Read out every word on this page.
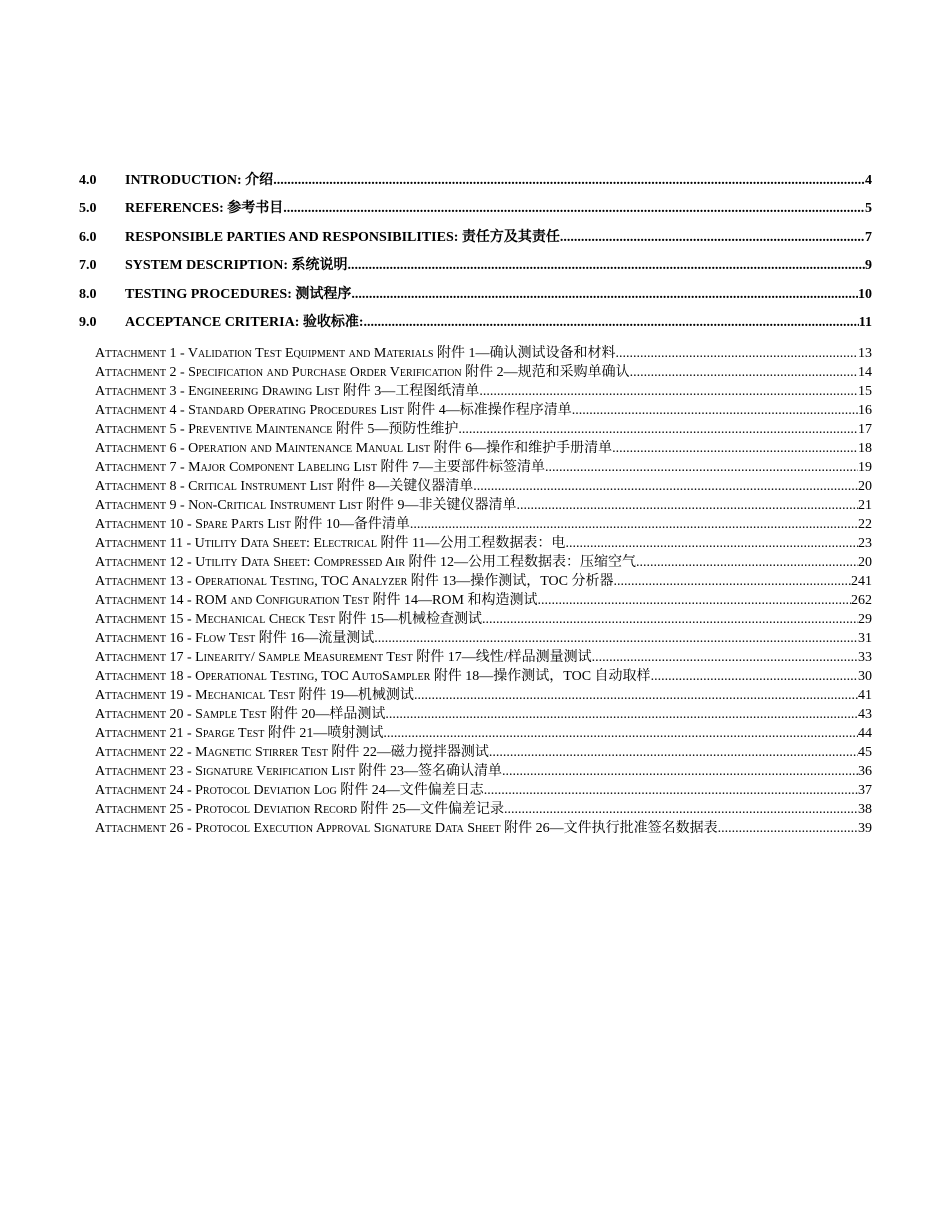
4.0	INTRODUCTION: 介绍 .....	4
5.0	REFERENCES: 参考书目 .....	5
6.0	RESPONSIBLE PARTIES AND RESPONSIBILITIES: 责任方及其责任 .....	7
7.0	SYSTEM DESCRIPTION: 系统说明 .....	9
8.0	TESTING PROCEDURES: 测试程序 .....	10
9.0	ACCEPTANCE CRITERIA: 验收标准: .....	11
Attachment 1 - Validation Test Equipment and Materials 附件 1—确认测试设备和材料 .....	13
Attachment 2 - Specification and Purchase Order Verification 附件 2—规范和采购单确认 .....	14
Attachment 3 - Engineering Drawing List 附件 3—工程图纸清单 .....	15
Attachment 4 - Standard Operating Procedures List 附件 4—标准操作程序清单 .....	16
Attachment 5 - Preventive Maintenance 附件 5—预防性维护 .....	17
Attachment 6 - Operation and Maintenance Manual List 附件 6—操作和维护手册清单 .....	18
Attachment 7 - Major Component Labeling List 附件 7—主要部件标签清单 .....	19
Attachment 8 - Critical Instrument List 附件 8—关键仪器清单 .....	20
Attachment 9 - Non-Critical Instrument List 附件 9—非关键仪器清单 .....	21
Attachment 10 - Spare Parts List 附件 10—备件清单 .....	22
Attachment 11 - Utility Data Sheet: Electrical 附件 11—公用工程数据表：电 .....	23
Attachment 12 - Utility Data Sheet: Compressed Air 附件 12—公用工程数据表：压缩空气 .....	20
Attachment 13 - Operational Testing, TOC Analyzer 附件 13—操作测试，TOC 分析器 .....	241
Attachment 14 - ROM and Configuration Test 附件 14—ROM 和构造测试 .....	262
Attachment 15 - Mechanical Check Test 附件 15—机械检查测试 .....	29
Attachment 16 - Flow Test 附件 16—流量测试 .....	31
Attachment 17 - Linearity/ Sample Measurement Test 附件 17—线性/样品测量测试 .....	33
Attachment 18 - Operational Testing, TOC AutoSampler 附件 18—操作测试，TOC 自动取样 .....	30
Attachment 19 - Mechanical Test 附件 19—机械测试 .....	41
Attachment 20 - Sample Test 附件 20—样品测试 .....	43
Attachment 21 - Sparge Test 附件 21—喷射测试 .....	44
Attachment 22 - Magnetic Stirrer Test 附件 22—磁力搅拌器测试 .....	45
Attachment 23 - Signature Verification List 附件 23—签名确认清单 .....	36
Attachment 24 - Protocol Deviation Log 附件 24—文件偏差日志 .....	37
Attachment 25 - Protocol Deviation Record 附件 25—文件偏差记录 .....	38
Attachment 26 - Protocol Execution Approval Signature Data Sheet 附件 26—文件执行批准签名数据表 .....	39
